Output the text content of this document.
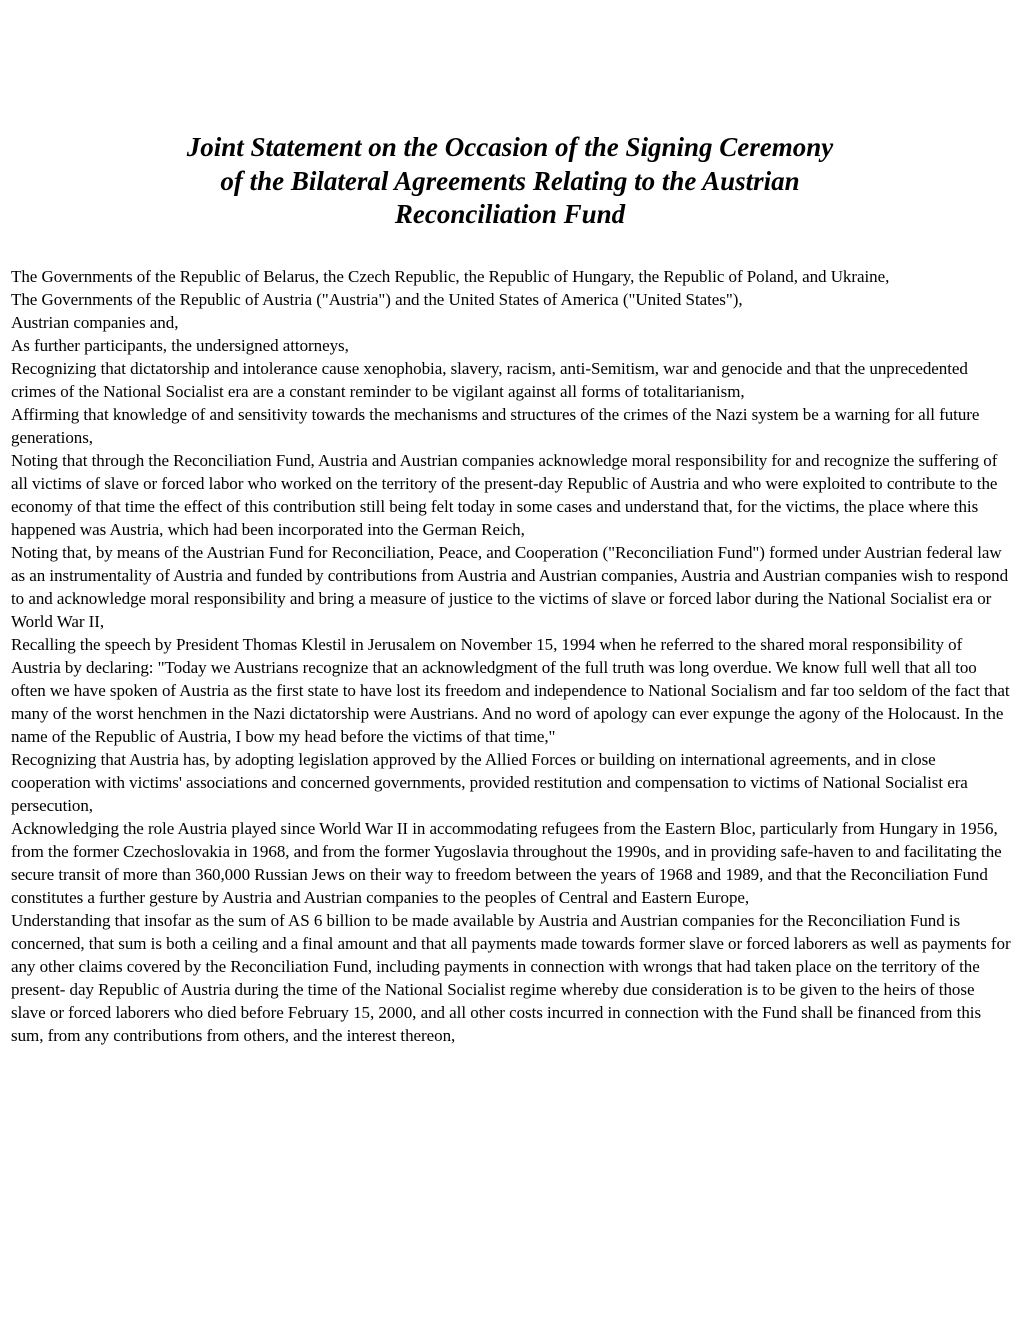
Joint Statement on the Occasion of the Signing Ceremony
of the Bilateral Agreements Relating to the Austrian
Reconciliation Fund

The Governments of the Republic of Belarus, the Czech Republic, the Republic of Hungary, the Republic of Poland, and Ukraine,

The Governments of the Republic of Austria ("Austria") and the United States of America ("United States"),

Austrian companies and,

As further participants, the undersigned attorneys,

Recognizing that dictatorship and intolerance cause xenophobia, slavery, racism, anti-Semitism, war and genocide and that the unprecedented crimes of the National Socialist era are a constant reminder to be vigilant against all forms of totalitarianism,

Affirming that knowledge of and sensitivity towards the mechanisms and structures of the crimes of the Nazi system be a warning for all future generations,

Noting that through the Reconciliation Fund, Austria and Austrian companies acknowledge moral responsibility for and recognize the suffering of all victims of slave or forced labor who worked on the territory of the present-day Republic of Austria and who were exploited to contribute to the economy of that time the effect of this contribution still being felt today in some cases and understand that, for the victims, the place where this happened was Austria, which had been incorporated into the German Reich,

Noting that, by means of the Austrian Fund for Reconciliation, Peace, and Cooperation ("Reconciliation Fund") formed under Austrian federal law as an instrumentality of Austria and funded by contributions from Austria and Austrian companies, Austria and Austrian companies wish to respond to and acknowledge moral responsibility and bring a measure of justice to the victims of slave or forced labor during the National Socialist era or World War II,

Recalling the speech by President Thomas Klestil in Jerusalem on November 15, 1994 when he referred to the shared moral responsibility of Austria by declaring: "Today we Austrians recognize that an acknowledgment of the full truth was long overdue. We know full well that all too often we have spoken of Austria as the first state to have lost its freedom and independence to National Socialism and far too seldom of the fact that many of the worst henchmen in the Nazi dictatorship were Austrians. And no word of apology can ever expunge the agony of the Holocaust. In the name of the Republic of Austria, I bow my head before the victims of that time,"

Recognizing that Austria has, by adopting legislation approved by the Allied Forces or building on international agreements, and in close cooperation with victims' associations and concerned governments, provided restitution and compensation to victims of National Socialist era persecution,

Acknowledging the role Austria played since World War II in accommodating refugees from the Eastern Bloc, particularly from Hungary in 1956, from the former Czechoslovakia in 1968, and from the former Yugoslavia throughout the 1990s, and in providing safe-haven to and facilitating the secure transit of more than 360,000 Russian Jews on their way to freedom between the years of 1968 and 1989, and that the Reconciliation Fund constitutes a further gesture by Austria and Austrian companies to the peoples of Central and Eastern Europe,

Understanding that insofar as the sum of AS 6 billion to be made available by Austria and Austrian companies for the Reconciliation Fund is concerned, that sum is both a ceiling and a final amount and that all payments made towards former slave or forced laborers as well as payments for any other claims covered by the Reconciliation Fund, including payments in connection with wrongs that had taken place on the territory of the present- day Republic of Austria during the time of the National Socialist regime whereby due consideration is to be given to the heirs of those slave or forced laborers who died before February 15, 2000, and all other costs incurred in connection with the Fund shall be financed from this sum, from any contributions from others, and the interest thereon,
